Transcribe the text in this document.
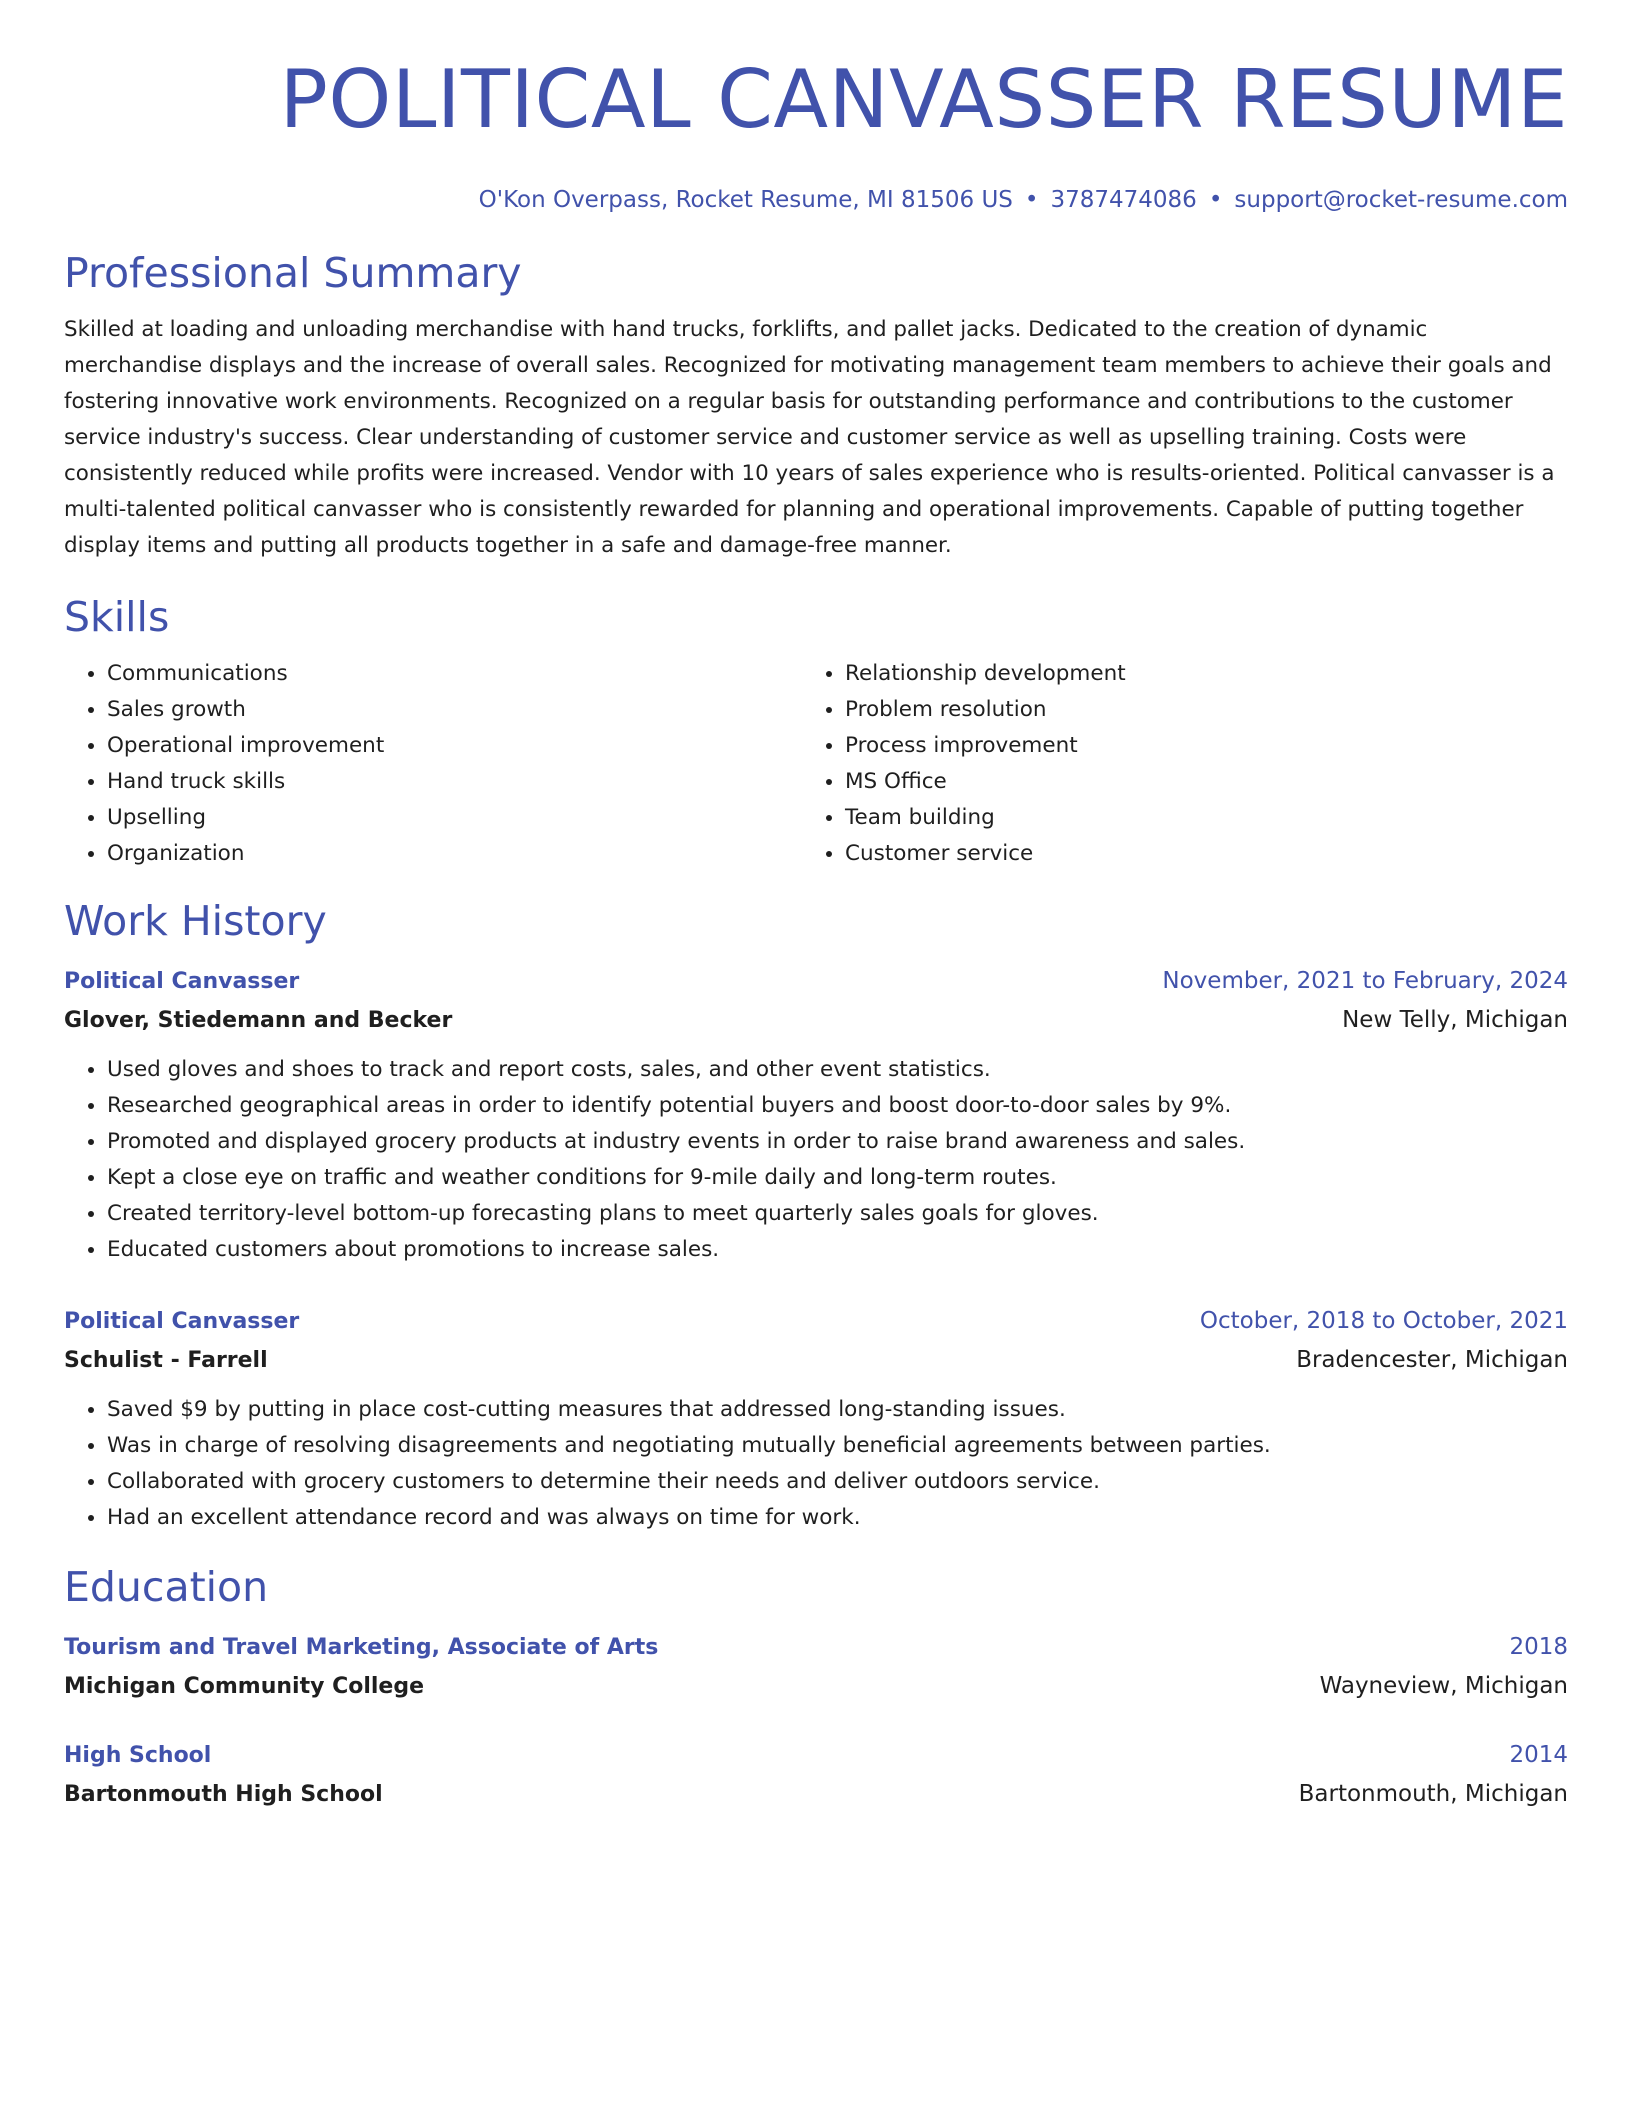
POLITICAL CANVASSER RESUME
O'Kon Overpass, Rocket Resume, MI 81506 US • 3787474086 • support@rocket-resume.com
Professional Summary
Skilled at loading and unloading merchandise with hand trucks, forklifts, and pallet jacks. Dedicated to the creation of dynamic merchandise displays and the increase of overall sales. Recognized for motivating management team members to achieve their goals and fostering innovative work environments. Recognized on a regular basis for outstanding performance and contributions to the customer service industry's success. Clear understanding of customer service and customer service as well as upselling training. Costs were consistently reduced while profits were increased. Vendor with 10 years of sales experience who is results-oriented. Political canvasser is a multi-talented political canvasser who is consistently rewarded for planning and operational improvements. Capable of putting together display items and putting all products together in a safe and damage-free manner.
Skills
• Communications
• Sales growth
• Operational improvement
• Hand truck skills
• Upselling
• Organization
• Relationship development
• Problem resolution
• Process improvement
• MS Office
• Team building
• Customer service
Work History
Political Canvasser	November, 2021 to February, 2024
Glover, Stiedemann and Becker	New Telly, Michigan
• Used gloves and shoes to track and report costs, sales, and other event statistics.
• Researched geographical areas in order to identify potential buyers and boost door-to-door sales by 9%.
• Promoted and displayed grocery products at industry events in order to raise brand awareness and sales.
• Kept a close eye on traffic and weather conditions for 9-mile daily and long-term routes.
• Created territory-level bottom-up forecasting plans to meet quarterly sales goals for gloves.
• Educated customers about promotions to increase sales.
Political Canvasser	October, 2018 to October, 2021
Schulist - Farrell	Bradencester, Michigan
• Saved $9 by putting in place cost-cutting measures that addressed long-standing issues.
• Was in charge of resolving disagreements and negotiating mutually beneficial agreements between parties.
• Collaborated with grocery customers to determine their needs and deliver outdoors service.
• Had an excellent attendance record and was always on time for work.
Education
Tourism and Travel Marketing, Associate of Arts	2018
Michigan Community College	Wayneview, Michigan
High School	2014
Bartonmouth High School	Bartonmouth, Michigan
